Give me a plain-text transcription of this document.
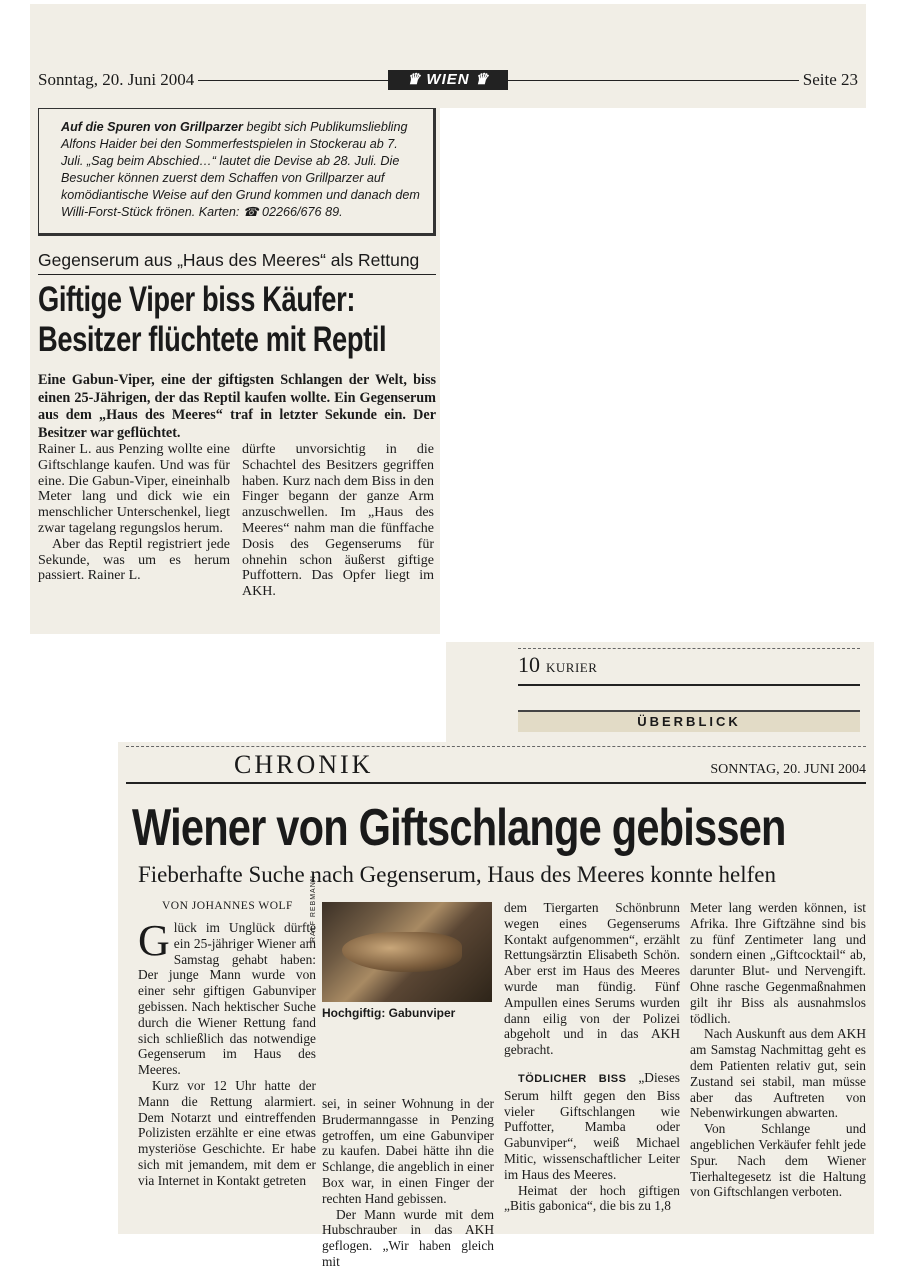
Sonntag, 20. Juni 2004	♛ WIEN ♛	Seite 23
Auf die Spuren von Grillparzer begibt sich Publikumsliebling Alfons Haider bei den Sommerfestspielen in Stockerau ab 7. Juli. „Sag beim Abschied…“ lautet die Devise ab 28. Juli. Die Besucher können zuerst dem Schaffen von Grillparzer auf komödiantische Weise auf den Grund kommen und danach dem Willi-Forst-Stück frönen. Karten: ☎ 02266/676 89.
Gegenserum aus „Haus des Meeres“ als Rettung
Giftige Viper biss Käufer:
Besitzer flüchtete mit Reptil
Eine Gabun-Viper, eine der giftigsten Schlangen der Welt, biss einen 25-Jährigen, der das Reptil kaufen wollte. Ein Gegenserum aus dem „Haus des Meeres“ traf in letzter Sekunde ein. Der Besitzer war geflüchtet.

Rainer L. aus Penzing wollte eine Giftschlange kaufen. Und was für eine. Die Gabun-Viper, eineinhalb Meter lang und dick wie ein menschlicher Unterschenkel, liegt zwar tagelang regungslos herum.

Aber das Reptil registriert jede Sekunde, was um es herum passiert. Rainer L.

dürfte unvorsichtig in die Schachtel des Besitzers gegriffen haben. Kurz nach dem Biss in den Finger begann der ganze Arm anzuschwellen. Im „Haus des Meeres“ nahm man die fünffache Dosis des Gegenserums für ohnehin schon äußerst giftige Puffottern. Das Opfer liegt im AKH.

10 KURIER
ÜBERBLICK
CHRONIK	SONNTAG, 20. JUNI 2004
Wiener von Giftschlange gebissen
Fieberhafte Suche nach Gegenserum, Haus des Meeres konnte helfen
VON JOHANNES WOLF

Glück im Unglück dürfte ein 25-jähriger Wiener am Samstag gehabt haben: Der junge Mann wurde von einer sehr giftigen Gabunviper gebissen. Nach hektischer Suche durch die Wiener Rettung fand sich schließlich das notwendige Gegenserum im Haus des Meeres.

Kurz vor 12 Uhr hatte der Mann die Rettung alarmiert. Dem Notarzt und eintreffenden Polizisten erzählte er eine etwas mysteriöse Geschichte. Er habe sich mit jemandem, mit dem er via Internet in Kontakt getreten

RALF REBMANN
Hochgiftig: Gabunviper

sei, in seiner Wohnung in der Brudermanngasse in Penzing getroffen, um eine Gabunviper zu kaufen. Dabei hätte ihn die Schlange, die angeblich in einer Box war, in einen Finger der rechten Hand gebissen.

Der Mann wurde mit dem Hubschrauber in das AKH geflogen. „Wir haben gleich mit

dem Tiergarten Schönbrunn wegen eines Gegenserums Kontakt aufgenommen“, erzählt Rettungsärztin Elisabeth Schön. Aber erst im Haus des Meeres wurde man fündig. Fünf Ampullen eines Serums wurden dann eilig von der Polizei abgeholt und in das AKH gebracht.

TÖDLICHER BISS „Dieses Serum hilft gegen den Biss vieler Giftschlangen wie Puffotter, Mamba oder Gabunviper“, weiß Michael Mitic, wissenschaftlicher Leiter im Haus des Meeres.

Heimat der hoch giftigen „Bitis gabonica“, die bis zu 1,8

Meter lang werden können, ist Afrika. Ihre Giftzähne sind bis zu fünf Zentimeter lang und sondern einen „Giftcocktail“ ab, darunter Blut- und Nervengift. Ohne rasche Gegenmaßnahmen gilt ihr Biss als ausnahmslos tödlich.

Nach Auskunft aus dem AKH am Samstag Nachmittag geht es dem Patienten relativ gut, sein Zustand sei stabil, man müsse aber das Auftreten von Nebenwirkungen abwarten.

Von Schlange und angeblichen Verkäufer fehlt jede Spur. Nach dem Wiener Tierhaltegesetz ist die Haltung von Giftschlangen verboten.
